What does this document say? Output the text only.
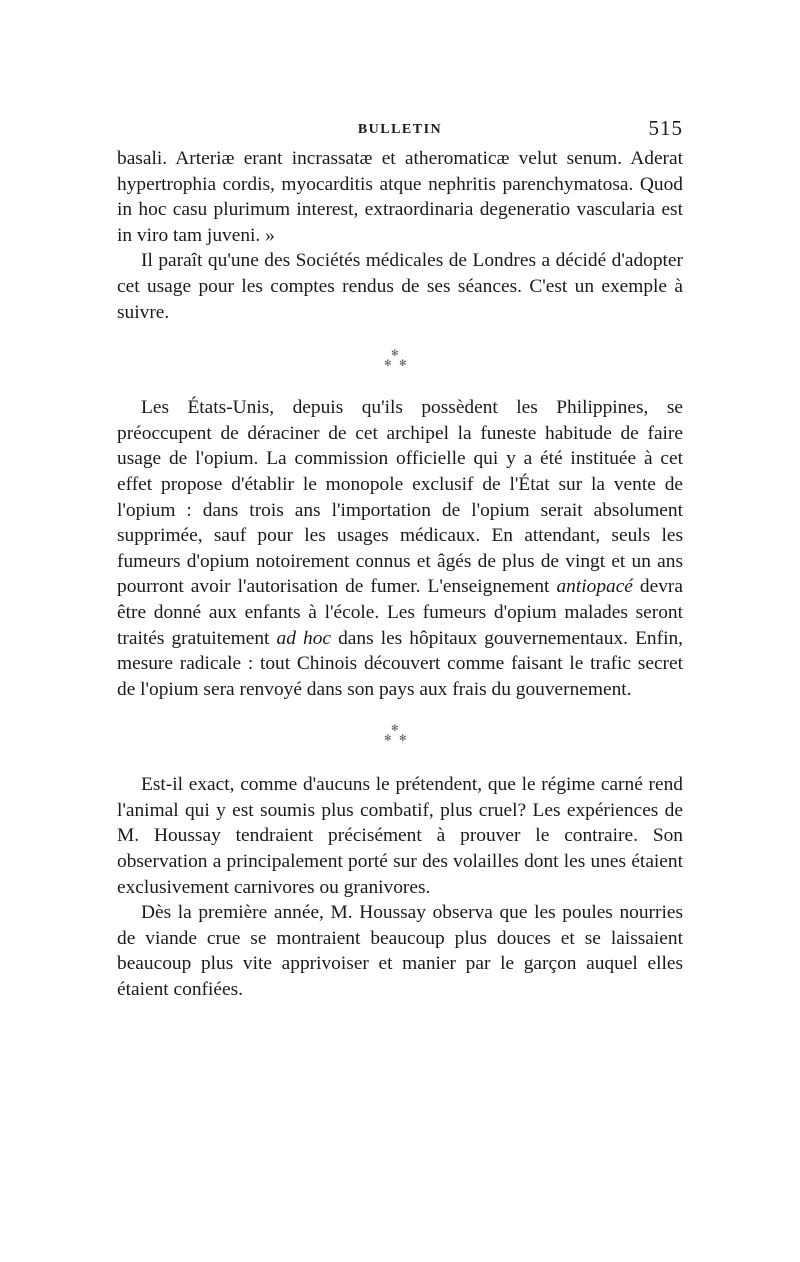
BULLETIN	515

basali. Arteriæ erant incrassatæ et atheromaticæ velut senum. Aderat hypertrophia cordis, myocarditis atque nephritis parenchymatosa. Quod in hoc casu plurimum interest, extraordinaria degeneratio vascularia est in viro tam juveni. »

Il paraît qu'une des Sociétés médicales de Londres a décidé d'adopter cet usage pour les comptes rendus de ses séances. C'est un exemple à suivre.

✻
✻ ✻

Les États-Unis, depuis qu'ils possèdent les Philippines, se préoccupent de déraciner de cet archipel la funeste habitude de faire usage de l'opium. La commission officielle qui y a été instituée à cet effet propose d'établir le monopole exclusif de l'État sur la vente de l'opium : dans trois ans l'importation de l'opium serait absolument supprimée, sauf pour les usages médicaux. En attendant, seuls les fumeurs d'opium notoirement connus et âgés de plus de vingt et un ans pourront avoir l'autorisation de fumer. L'enseignement antiopacé devra être donné aux enfants à l'école. Les fumeurs d'opium malades seront traités gratuitement ad hoc dans les hôpitaux gouvernementaux. Enfin, mesure radicale : tout Chinois découvert comme faisant le trafic secret de l'opium sera renvoyé dans son pays aux frais du gouvernement.

✻
✻ ✻

Est-il exact, comme d'aucuns le prétendent, que le régime carné rend l'animal qui y est soumis plus combatif, plus cruel? Les expériences de M. Houssay tendraient précisément à prouver le contraire. Son observation a principalement porté sur des volailles dont les unes étaient exclusivement carnivores ou granivores.

Dès la première année, M. Houssay observa que les poules nourries de viande crue se montraient beaucoup plus douces et se laissaient beaucoup plus vite apprivoiser et manier par le garçon auquel elles étaient confiées.
